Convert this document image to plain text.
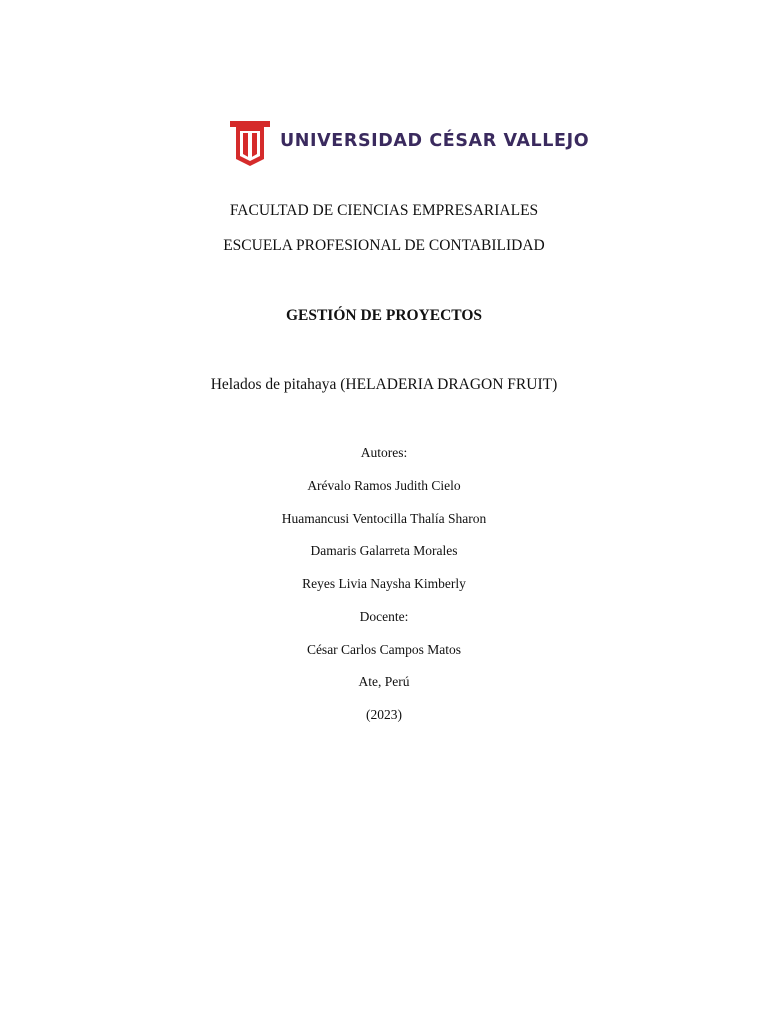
UNIVERSIDAD CÉSAR VALLEJO
FACULTAD DE CIENCIAS EMPRESARIALES
ESCUELA PROFESIONAL DE CONTABILIDAD
GESTIÓN DE PROYECTOS
Helados de pitahaya (HELADERIA DRAGON FRUIT)
Autores:
Arévalo Ramos Judith Cielo
Huamancusi Ventocilla Thalía Sharon
Damaris Galarreta Morales
Reyes Livia Naysha Kimberly
Docente:
César Carlos Campos Matos
Ate, Perú
(2023)
